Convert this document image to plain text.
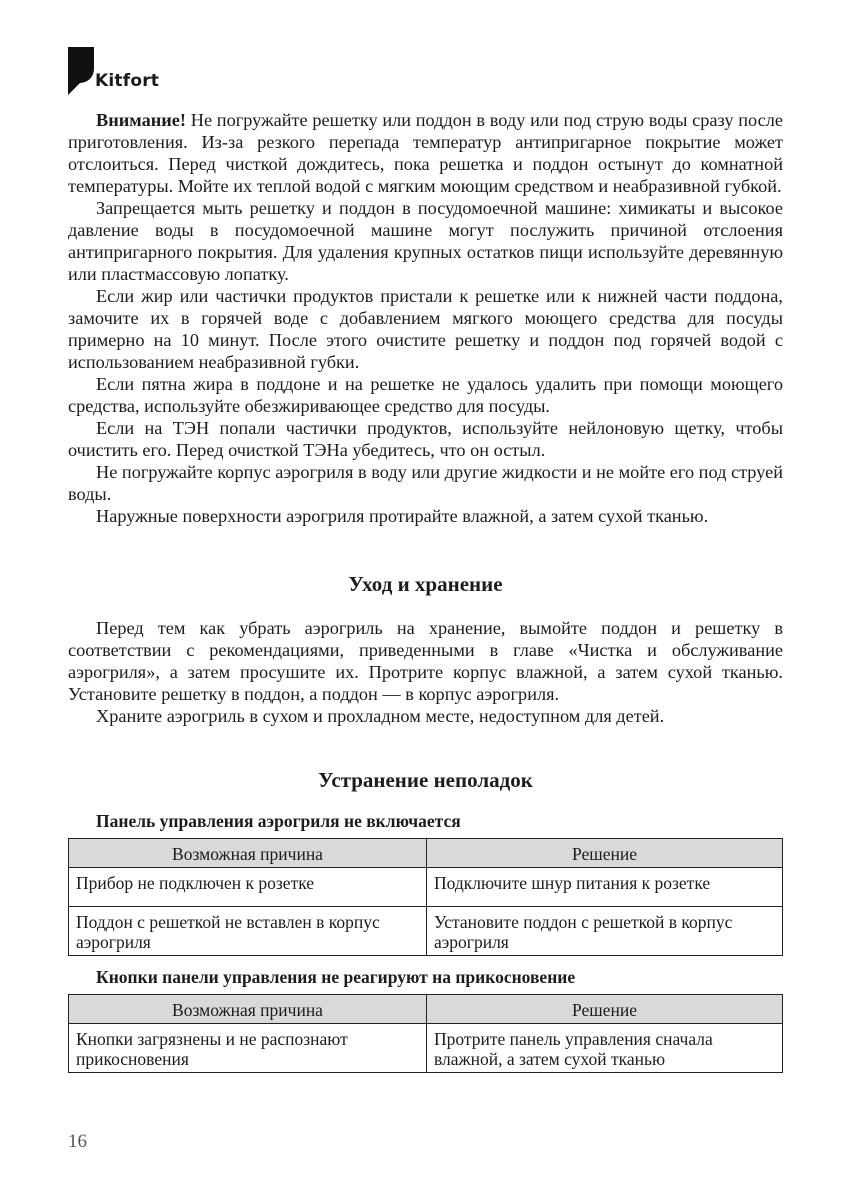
Kitfort

Внимание! Не погружайте решетку или поддон в воду или под струю воды сразу после приготовления. Из-за резкого перепада температур антипригарное покрытие может отслоиться. Перед чисткой дождитесь, пока решетка и поддон остынут до комнатной температуры. Мойте их теплой водой с мягким моющим средством и неабразивной губкой.

Запрещается мыть решетку и поддон в посудомоечной машине: химикаты и высокое давление воды в посудомоечной машине могут послужить причиной отслоения антипригарного покрытия. Для удаления крупных остатков пищи используйте деревянную или пластмассовую лопатку.

Если жир или частички продуктов пристали к решетке или к нижней части поддона, замочите их в горячей воде с добавлением мягкого моющего средства для посуды примерно на 10 минут. После этого очистите решетку и поддон под горячей водой с использованием неабразивной губки.

Если пятна жира в поддоне и на решетке не удалось удалить при помощи моющего средства, используйте обезжиривающее средство для посуды.

Если на ТЭН попали частички продуктов, используйте нейлоновую щетку, чтобы очистить его. Перед очисткой ТЭНа убедитесь, что он остыл.

Не погружайте корпус аэрогриля в воду или другие жидкости и не мойте его под струей воды.

Наружные поверхности аэрогриля протирайте влажной, а затем сухой тканью.

Уход и хранение

Перед тем как убрать аэрогриль на хранение, вымойте поддон и решетку в соответствии с рекомендациями, приведенными в главе «Чистка и обслуживание аэрогриля», а затем просушите их. Протрите корпус влажной, а затем сухой тканью. Установите решетку в поддон, а поддон — в корпус аэрогриля.

Храните аэрогриль в сухом и прохладном месте, недоступном для детей.

Устранение неполадок
Панель управления аэрогриля не включается
Возможная причина	Решение
Прибор не подключен к розетке	Подключите шнур питания к розетке
Поддон с решеткой не вставлен в корпус аэрогриля	Установите поддон с решеткой в корпус аэрогриля
Кнопки панели управления не реагируют на прикосновение
Возможная причина	Решение
Кнопки загрязнены и не распознают прикосновения	Протрите панель управления сначала влажной, а затем сухой тканью
16
